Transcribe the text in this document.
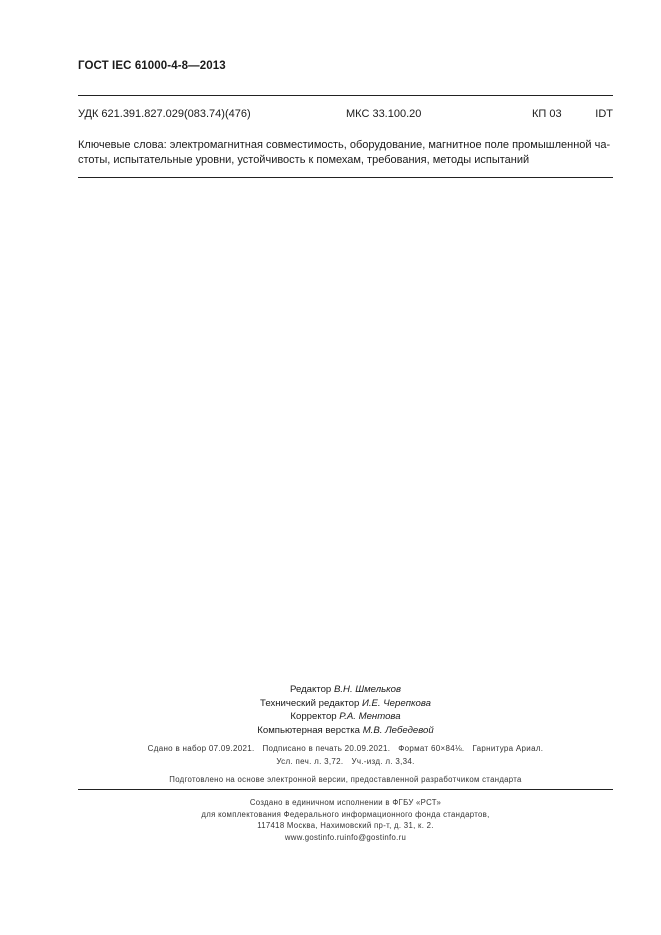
ГОСТ IEC 61000-4-8—2013
УДК 621.391.827.029(083.74)(476)	МКС 33.100.20	КП 03	IDT
Ключевые слова: электромагнитная совместимость, оборудование, магнитное поле промышленной ча-
стоты, испытательные уровни, устойчивость к помехам, требования, методы испытаний
Редактор В.Н. Шмельков
Технический редактор И.Е. Черепкова
Корректор Р.А. Ментова
Компьютерная верстка М.В. Лебедевой
Сдано в набор 07.09.2021. Подписано в печать 20.09.2021. Формат 60×84⅛. Гарнитура Ариал.
Усл. печ. л. 3,72. Уч.-изд. л. 3,34.
Подготовлено на основе электронной версии, предоставленной разработчиком стандарта
Создано в единичном исполнении в ФГБУ «РСТ»
для комплектования Федерального информационного фонда стандартов,
117418 Москва, Нахимовский пр-т, д. 31, к. 2.
www.gostinfo.ruinfo@gostinfo.ru
